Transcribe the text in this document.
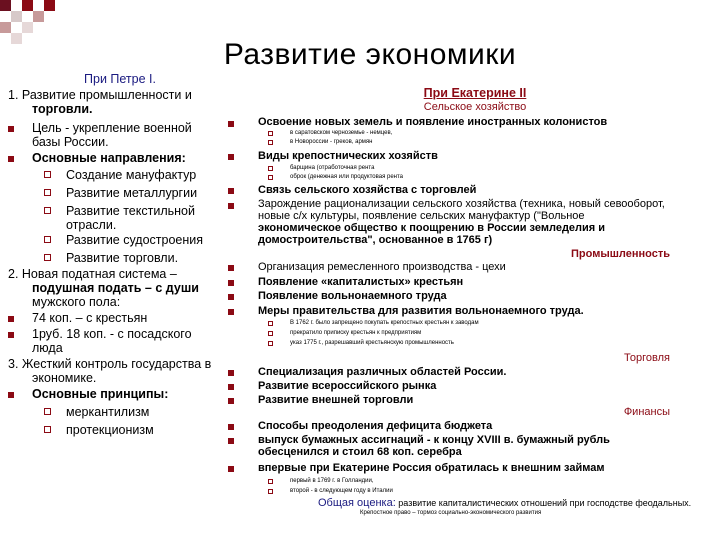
Развитие экономики
При Петре I.
1. Развитие промышленности и
торговли.
Цель - укрепление военной
базы России.
Основные направления:
Создание мануфактур
Развитие металлургии
Развитие текстильной
отрасли.
Развитие судостроения
Развитие торговли.
2. Новая податная система –
подушная подать – с души
мужского пола:
74 коп. – с крестьян
1руб. 18 коп. - с посадского
люда
3. Жесткий контроль государства в
экономике.
Основные принципы:
меркантилизм
протекционизм
При Екатерине II
Сельское хозяйство
Освоение новых земель и появление иностранных колонистов
в саратовском черноземье - немцев,
в Новороссии - греков, армян
Виды крепостнических хозяйств
барщина (отработочная рента
оброк (денежная или продуктовая рента
Связь сельского хозяйства с торговлей
Зарождение рационализации сельского хозяйства (техника, новый севооборот,
новые с/х культуры, появление сельских мануфактур ("Вольное
экономическое общество к поощрению в России земледелия и
домостроительства", основанное в 1765 г)
Промышленность
Организация ремесленного производства - цехи
Появление «капиталистых» крестьян
Появление вольнонаемного труда
Меры правительства для развития вольнонаемного труда.
В 1762 г. было запрещено покупать крепостных крестьян к заводам
прекратило приписку крестьян к предприятиям
указ 1775 г., разрешавший крестьянскую промышленность
Торговля
Специализация различных областей России.
Развитие всероссийского рынка
Развитие внешней торговли
Финансы
Способы преодоления дефицита бюджета
выпуск бумажных ассигнаций - к концу XVIII в. бумажный рубль
обесценился и стоил 68 коп. серебра
впервые при Екатерине Россия обратилась к внешним займам
первый в 1769 г. в Голландии,
второй - в следующем году в Италии
Общая оценка: развитие капиталистических отношений при господстве феодальных.
Крепостное право – тормоз социально-экономического развития
